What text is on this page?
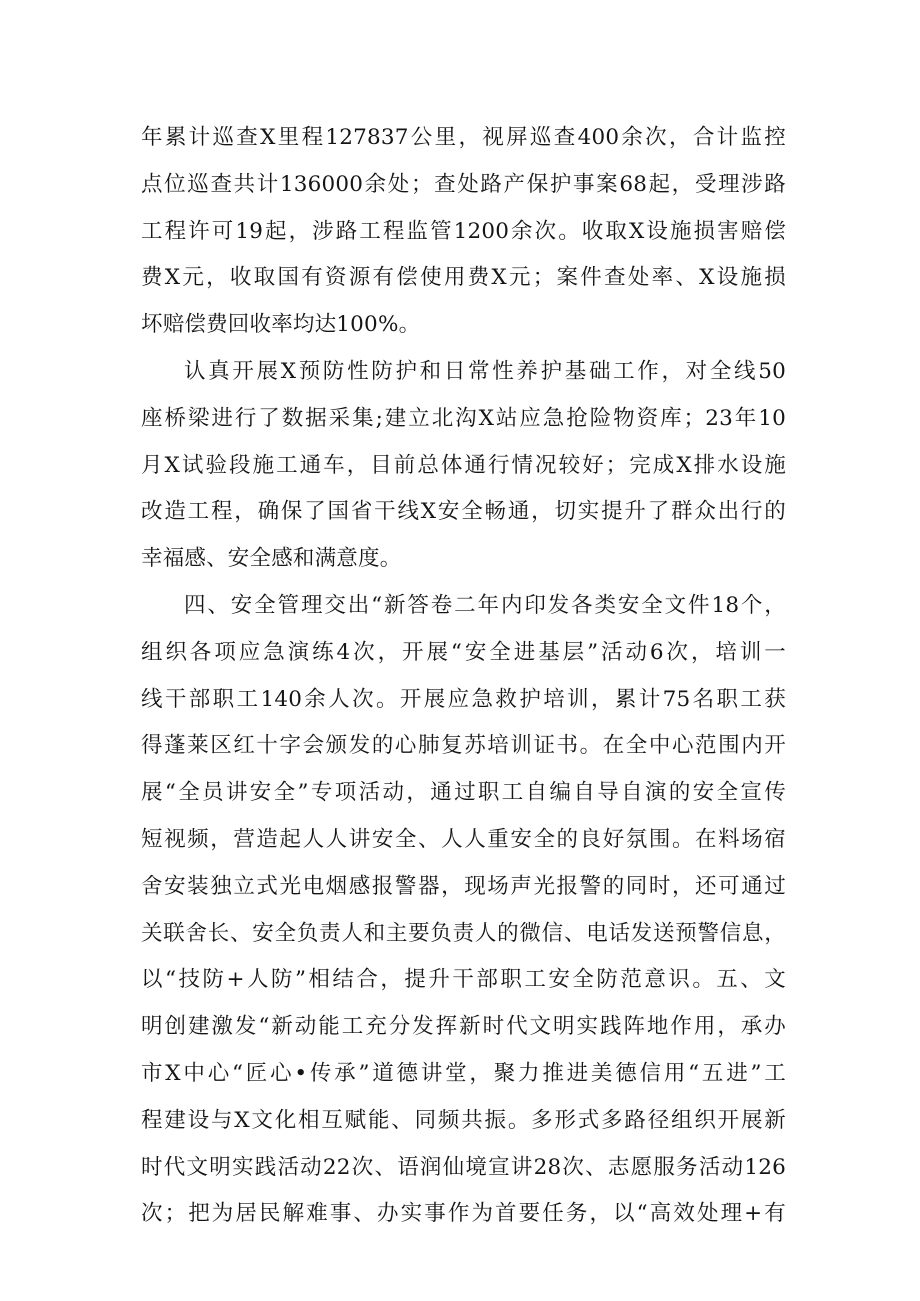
年累计巡查X里程127837公里，视屏巡查400余次，合计监控
点位巡查共计136000余处；查处路产保护事案68起，受理涉路
工程许可19起，涉路工程监管1200余次。收取X设施损害赔偿
费X元，收取国有资源有偿使用费X元；案件查处率、X设施损
坏赔偿费回收率均达100%。
认真开展X预防性防护和日常性养护基础工作，对全线50
座桥梁进行了数据采集;建立北沟X站应急抢险物资库；23年10
月X试验段施工通车，目前总体通行情况较好；完成X排水设施
改造工程，确保了国省干线X安全畅通，切实提升了群众出行的
幸福感、安全感和满意度。
四、安全管理交出“新答卷二年内印发各类安全文件18个，
组织各项应急演练4次，开展“安全进基层”活动6次，培训一
线干部职工140余人次。开展应急救护培训，累计75名职工获
得蓬莱区红十字会颁发的心肺复苏培训证书。在全中心范围内开
展“全员讲安全”专项活动，通过职工自编自导自演的安全宣传
短视频，营造起人人讲安全、人人重安全的良好氛围。在料场宿
舍安装独立式光电烟感报警器，现场声光报警的同时，还可通过
关联舍长、安全负责人和主要负责人的微信、电话发送预警信息，
以“技防+人防”相结合，提升干部职工安全防范意识。五、文
明创建激发“新动能工充分发挥新时代文明实践阵地作用，承办
市X中心“匠心•传承”道德讲堂，聚力推进美德信用“五进”工
程建设与X文化相互赋能、同频共振。多形式多路径组织开展新
时代文明实践活动22次、语润仙境宣讲28次、志愿服务活动126
次；把为居民解难事、办实事作为首要任务，以“高效处理+有
